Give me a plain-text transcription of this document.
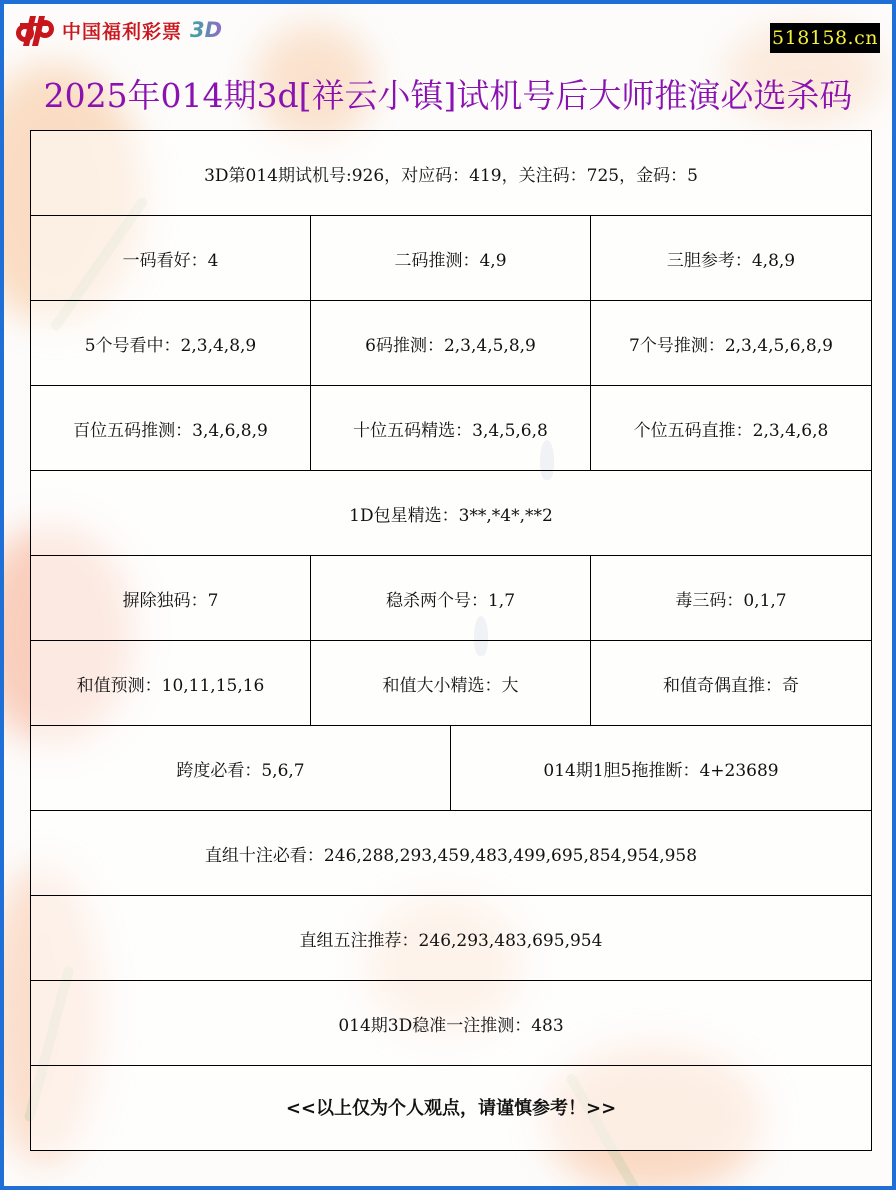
中国福利彩票 3D	518158.cn
2025年014期3d[祥云小镇]试机号后大师推演必选杀码
3D第014期试机号:926，对应码：419，关注码：725，金码：5
一码看好：4	二码推测：4,9	三胆参考：4,8,9
5个号看中：2,3,4,8,9	6码推测：2,3,4,5,8,9	7个号推测：2,3,4,5,6,8,9
百位五码推测：3,4,6,8,9	十位五码精选：3,4,5,6,8	个位五码直推：2,3,4,6,8
1D包星精选：3**,*4*,**2
摒除独码：7	稳杀两个号：1,7	毒三码：0,1,7
和值预测：10,11,15,16	和值大小精选：大	和值奇偶直推：奇
跨度必看：5,6,7	014期1胆5拖推断：4+23689
直组十注必看：246,288,293,459,483,499,695,854,954,958
直组五注推荐：246,293,483,695,954
014期3D稳准一注推测：483
<<以上仅为个人观点，请谨慎参考！>>
